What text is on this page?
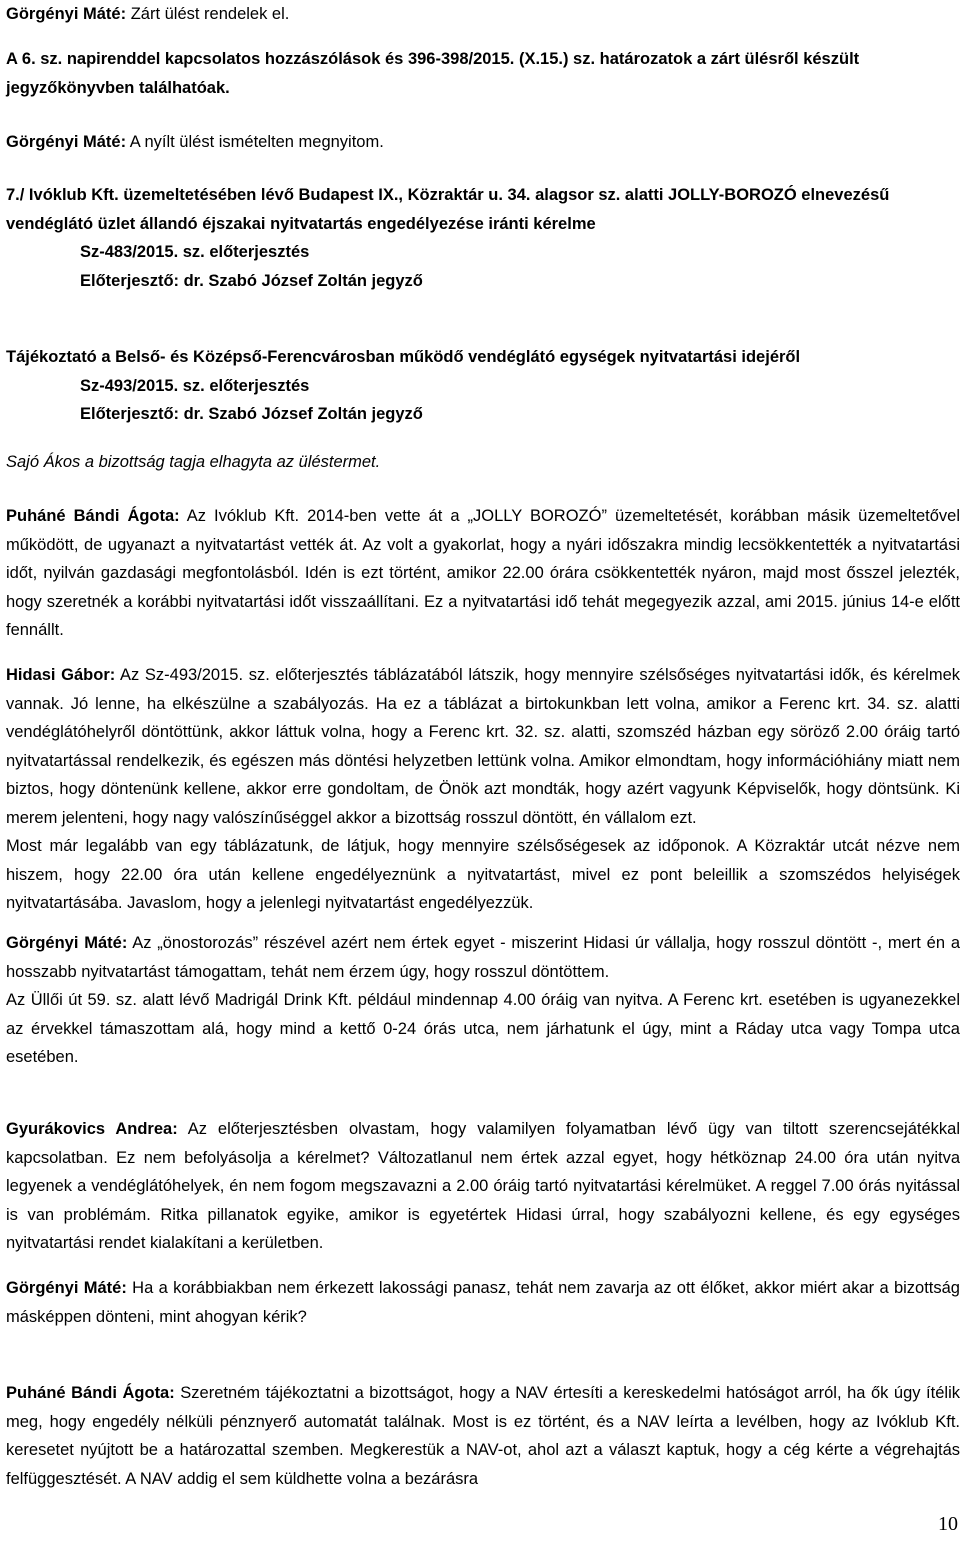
Görgényi Máté: Zárt ülést rendelek el.

A 6. sz. napirenddel kapcsolatos hozzászólások és 396-398/2015. (X.15.) sz. határozatok a zárt ülésről készült jegyzőkönyvben találhatóak.

Görgényi Máté: A nyílt ülést ismételten megnyitom.

7./ Ivóklub Kft. üzemeltetésében lévő Budapest IX., Közraktár u. 34. alagsor sz. alatti JOLLY-BOROZÓ elnevezésű vendéglátó üzlet állandó éjszakai nyitvatartás engedélyezése iránti kérelme
Sz-483/2015. sz. előterjesztés
Előterjesztő: dr. Szabó József Zoltán jegyző
Tájékoztató a Belső- és Középső-Ferencvárosban működő vendéglátó egységek nyitvatartási idejéről
Sz-493/2015. sz. előterjesztés
Előterjesztő: dr. Szabó József Zoltán jegyző

Sajó Ákos a bizottság tagja elhagyta az üléstermet.

Puháné Bándi Ágota: Az Ivóklub Kft. 2014-ben vette át a „JOLLY BOROZÓ” üzemeltetését, korábban másik üzemeltetővel működött, de ugyanazt a nyitvatartást vették át. Az volt a gyakorlat, hogy a nyári időszakra mindig lecsökkentették a nyitvatartási időt, nyilván gazdasági megfontolásból. Idén is ezt történt, amikor 22.00 órára csökkentették nyáron, majd most ősszel jelezték, hogy szeretnék a korábbi nyitvatartási időt visszaállítani. Ez a nyitvatartási idő tehát megegyezik azzal, ami 2015. június 14-e előtt fennállt.

Hidasi Gábor: Az Sz-493/2015. sz. előterjesztés táblázatából látszik, hogy mennyire szélsőséges nyitvatartási idők, és kérelmek vannak. Jó lenne, ha elkészülne a szabályozás. Ha ez a táblázat a birtokunkban lett volna, amikor a Ferenc krt. 34. sz. alatti vendéglátóhelyről döntöttünk, akkor láttuk volna, hogy a Ferenc krt. 32. sz. alatti, szomszéd házban egy söröző 2.00 óráig tartó nyitvatartással rendelkezik, és egészen más döntési helyzetben lettünk volna. Amikor elmondtam, hogy információhiány miatt nem biztos, hogy döntenünk kellene, akkor erre gondoltam, de Önök azt mondták, hogy azért vagyunk Képviselők, hogy döntsünk. Ki merem jelenteni, hogy nagy valószínűséggel akkor a bizottság rosszul döntött, én vállalom ezt.
Most már legalább van egy táblázatunk, de látjuk, hogy mennyire szélsőségesek az időponok. A Közraktár utcát nézve nem hiszem, hogy 22.00 óra után kellene engedélyeznünk a nyitvatartást, mivel ez pont beleillik a szomszédos helyiségek nyitvatartásába. Javaslom, hogy a jelenlegi nyitvatartást engedélyezzük.
Görgényi Máté: Az „önostorozás” részével azért nem értek egyet - miszerint Hidasi úr vállalja, hogy rosszul döntött -, mert én a hosszabb nyitvatartást támogattam, tehát nem érzem úgy, hogy rosszul döntöttem.
Az Üllői út 59. sz. alatt lévő Madrigál Drink Kft. például mindennap 4.00 óráig van nyitva. A Ferenc krt. esetében is ugyanezekkel az érvekkel támaszottam alá, hogy mind a kettő 0-24 órás utca, nem járhatunk el úgy, mint a Ráday utca vagy Tompa utca esetében.

Gyurákovics Andrea: Az előterjesztésben olvastam, hogy valamilyen folyamatban lévő ügy van tiltott szerencsejátékkal kapcsolatban. Ez nem befolyásolja a kérelmet? Változatlanul nem értek azzal egyet, hogy hétköznap 24.00 óra után nyitva legyenek a vendéglátóhelyek, én nem fogom megszavazni a 2.00 óráig tartó nyitvatartási kérelmüket. A reggel 7.00 órás nyitással is van problémám. Ritka pillanatok egyike, amikor is egyetértek Hidasi úrral, hogy szabályozni kellene, és egy egységes nyitvatartási rendet kialakítani a kerületben.

Görgényi Máté: Ha a korábbiakban nem érkezett lakossági panasz, tehát nem zavarja az ott élőket, akkor miért akar a bizottság másképpen dönteni, mint ahogyan kérik?

Puháné Bándi Ágota: Szeretném tájékoztatni a bizottságot, hogy a NAV értesíti a kereskedelmi hatóságot arról, ha ők úgy ítélik meg, hogy engedély nélküli pénznyerő automatát találnak. Most is ez történt, és a NAV leírta a levélben, hogy az Ivóklub Kft. keresetet nyújtott be a határozattal szemben. Megkerestük a NAV-ot, ahol azt a választ kaptuk, hogy a cég kérte a végrehajtás felfüggesztését. A NAV addig el sem küldhette volna a bezárásra

10
